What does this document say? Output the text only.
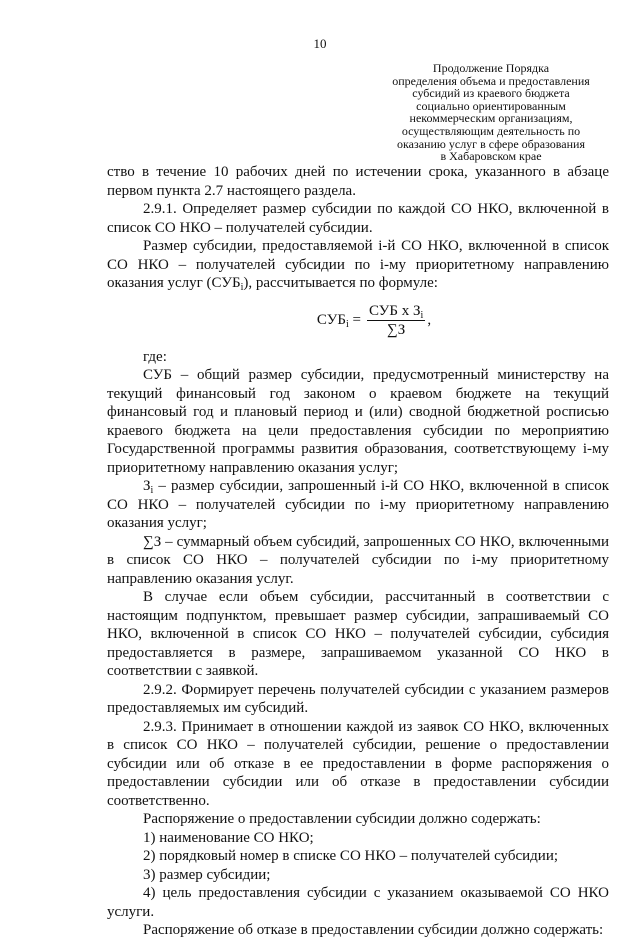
10
Продолжение Порядка
определения объема и предоставления
субсидий из краевого бюджета
социально ориентированным
некоммерческим организациям,
осуществляющим деятельность по
оказанию услуг в сфере образования
в Хабаровском крае

ство в течение 10 рабочих дней по истечении срока, указанного в абзаце первом пункта 2.7 настоящего раздела.

2.9.1. Определяет размер субсидии по каждой СО НКО, включенной в список СО НКО – получателей субсидии.

Размер субсидии, предоставляемой i-й СО НКО, включенной в список СО НКО – получателей субсидии по i-му приоритетному направлению оказания услуг $(СУБ_i)$, рассчитывается по формуле:

$СУБ_i = \frac{СУБ х З_i}{\sum З}$ ,

где:

СУБ – общий размер субсидии, предусмотренный министерству на текущий финансовый год законом о краевом бюджете на текущий финансовый год и плановый период и (или) сводной бюджетной росписью краевого бюджета на цели предоставления субсидии по мероприятию Государственной программы развития образования, соответствующему i-му приоритетному направлению оказания услуг;

$З_i$ – размер субсидии, запрошенный i-й СО НКО, включенной в список СО НКО – получателей субсидии по i-му приоритетному направлению оказания услуг;

∑З – суммарный объем субсидий, запрошенных СО НКО, включенными в список СО НКО – получателей субсидии по i-му приоритетному направлению оказания услуг.

В случае если объем субсидии, рассчитанный в соответствии с настоящим подпунктом, превышает размер субсидии, запрашиваемый СО НКО, включенной в список СО НКО – получателей субсидии, субсидия предоставляется в размере, запрашиваемом указанной СО НКО в соответствии с заявкой.

2.9.2. Формирует перечень получателей субсидии с указанием размеров предоставляемых им субсидий.

2.9.3. Принимает в отношении каждой из заявок СО НКО, включенных в список СО НКО – получателей субсидии, решение о предоставлении субсидии или об отказе в ее предоставлении в форме распоряжения о предоставлении субсидии или об отказе в предоставлении субсидии соответственно.

Распоряжение о предоставлении субсидии должно содержать:

1) наименование СО НКО;

2) порядковый номер в списке СО НКО – получателей субсидии;

3) размер субсидии;

4) цель предоставления субсидии с указанием оказываемой СО НКО услуги.

Распоряжение об отказе в предоставлении субсидии должно содержать:
